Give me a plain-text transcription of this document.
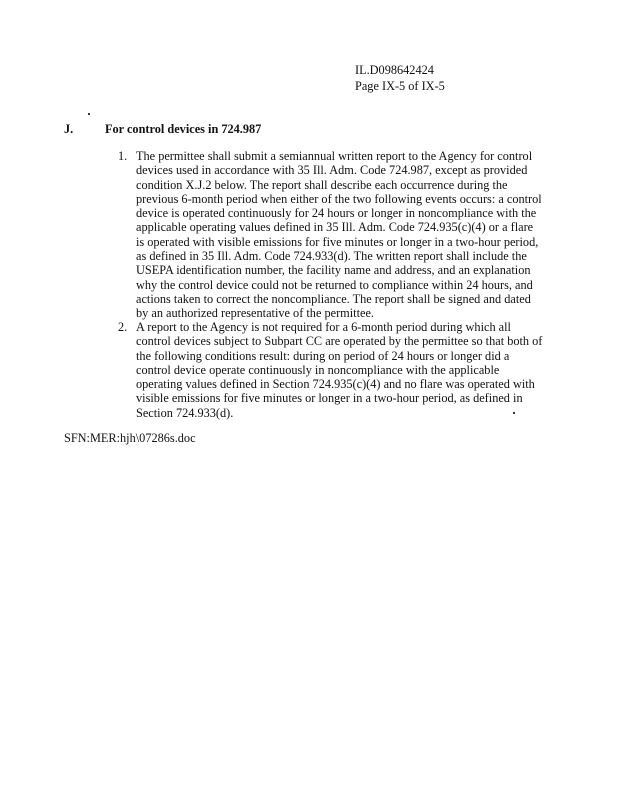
IL.D098642424
Page IX-5 of IX-5
J.	For control devices in 724.987
1. The permittee shall submit a semiannual written report to the Agency for control
devices used in accordance with 35 Ill. Adm. Code 724.987, except as provided
condition X.J.2 below. The report shall describe each occurrence during the
previous 6-month period when either of the two following events occurs: a control
device is operated continuously for 24 hours or longer in noncompliance with the
applicable operating values defined in 35 Ill. Adm. Code 724.935(c)(4) or a flare
is operated with visible emissions for five minutes or longer in a two-hour period,
as defined in 35 Ill. Adm. Code 724.933(d). The written report shall include the
USEPA identification number, the facility name and address, and an explanation
why the control device could not be returned to compliance within 24 hours, and
actions taken to correct the noncompliance. The report shall be signed and dated
by an authorized representative of the permittee.
2. A report to the Agency is not required for a 6-month period during which all
control devices subject to Subpart CC are operated by the permittee so that both of
the following conditions result: during on period of 24 hours or longer did a
control device operate continuously in noncompliance with the applicable
operating values defined in Section 724.935(c)(4) and no flare was operated with
visible emissions for five minutes or longer in a two-hour period, as defined in
Section 724.933(d).
SFN:MER:hjh\07286s.doc
